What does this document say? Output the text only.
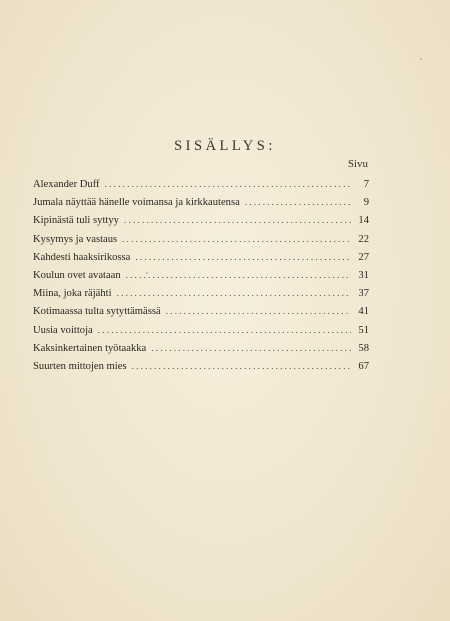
SISÄLLYS:
Sivu
Alexander Duff . . .	7
Jumala näyttää hänelle voimansa ja kirkkautensa . . .	9
Kipinästä tuli syttyy . . .	14
Kysymys ja vastaus . . .	22
Kahdesti haaksirikossa . . .	27
Koulun ovet avataan . . .	31
Miina, joka räjähti . . .	37
Kotimaassa tulta sytyttämässä . . .	41
Uusia voittoja . . .	51
Kaksinkertainen työtaakka . . .	58
Suurten mittojen mies . . .	67
